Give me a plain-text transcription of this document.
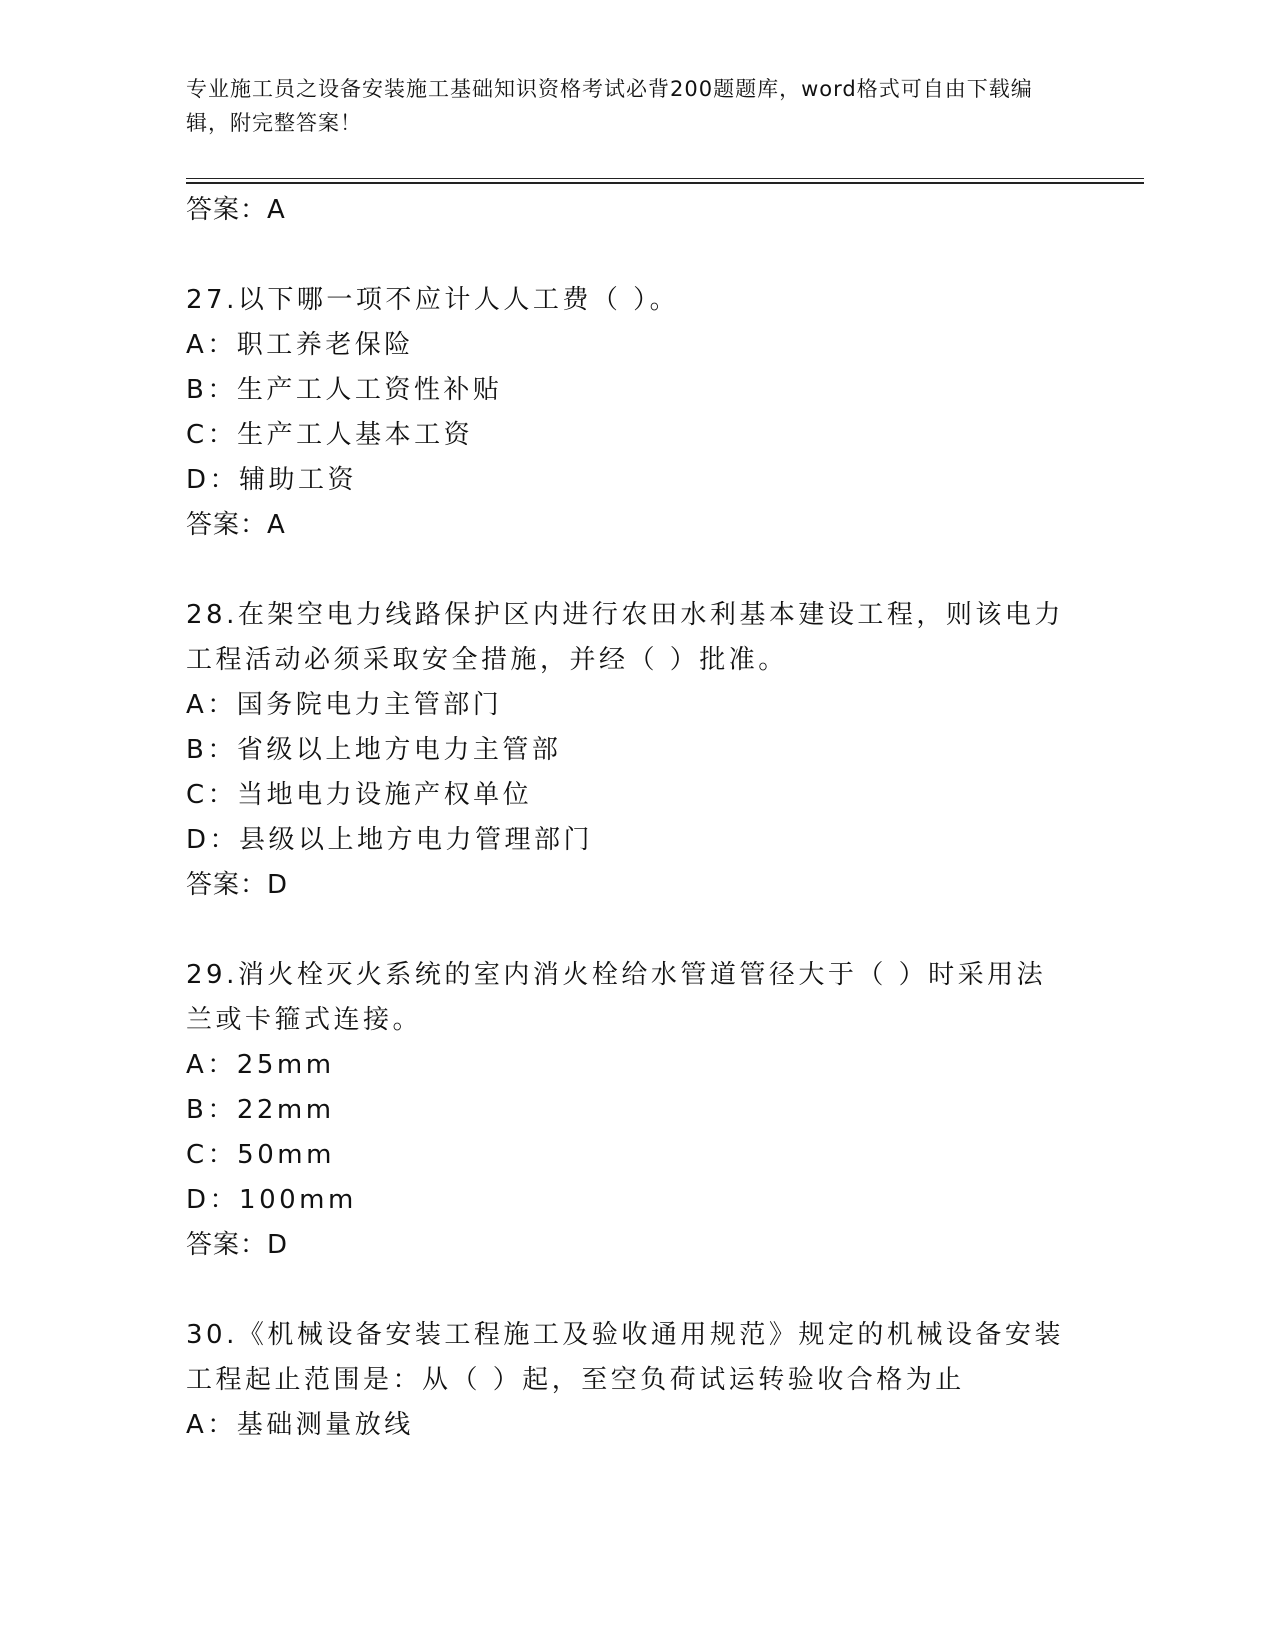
专业施工员之设备安装施工基础知识资格考试必背200题题库，word格式可自由下载编辑，附完整答案！
答案：A
27.以下哪一项不应计人人工费（ ）。
A：职工养老保险
B：生产工人工资性补贴
C：生产工人基本工资
D：辅助工资
答案：A
28.在架空电力线路保护区内进行农田水利基本建设工程，则该电力工程活动必须采取安全措施，并经（ ）批准。
A：国务院电力主管部门
B：省级以上地方电力主管部
C：当地电力设施产权单位
D：县级以上地方电力管理部门
答案：D
29.消火栓灭火系统的室内消火栓给水管道管径大于（ ）时采用法兰或卡箍式连接。
A：25mm
B：22mm
C：50mm
D：100mm
答案：D
30.《机械设备安装工程施工及验收通用规范》规定的机械设备安装工程起止范围是：从（ ）起，至空负荷试运转验收合格为止
A：基础测量放线
